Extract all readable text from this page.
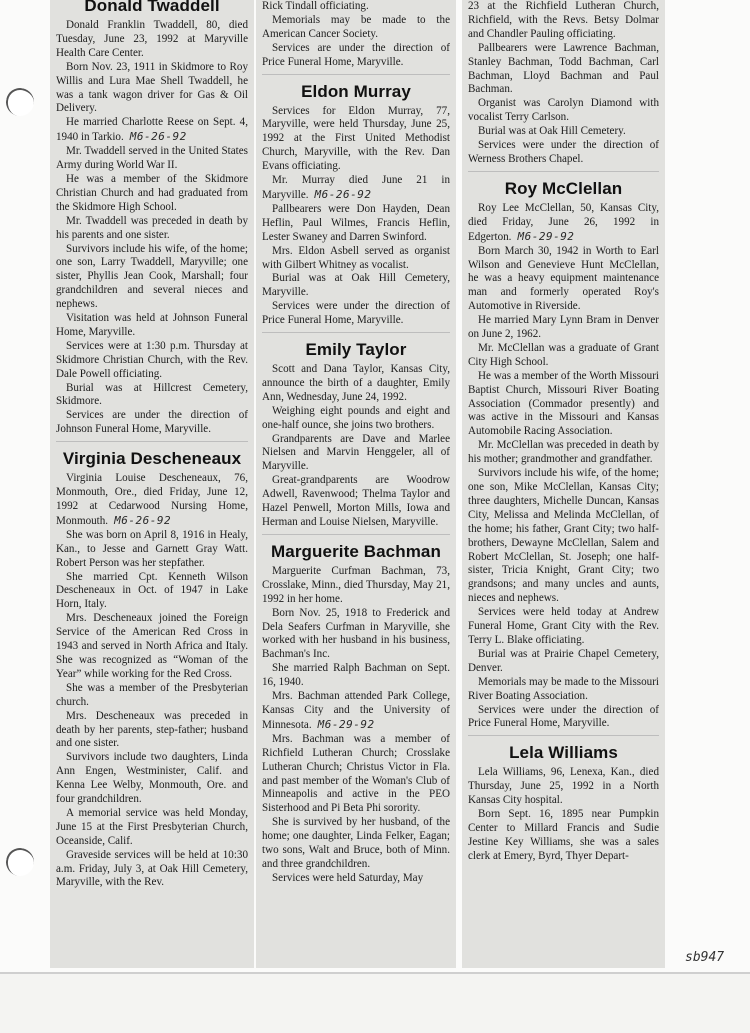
Donald Twaddell

Donald Franklin Twaddell, 80, died Tuesday, June 23, 1992 at Maryville Health Care Center.

Born Nov. 23, 1911 in Skidmore to Roy Willis and Lura Mae Shell Twaddell, he was a tank wagon driver for Gas & Oil Delivery.

He married Charlotte Reese on Sept. 4, 1940 in Tarkio. M6-26-92

Mr. Twaddell served in the United States Army during World War II.

He was a member of the Skidmore Christian Church and had graduated from the Skidmore High School.

Mr. Twaddell was preceded in death by his parents and one sister.

Survivors include his wife, of the home; one son, Larry Twaddell, Maryville; one sister, Phyllis Jean Cook, Marshall; four grandchildren and several nieces and nephews.

Visitation was held at Johnson Funeral Home, Maryville.

Services were at 1:30 p.m. Thursday at Skidmore Christian Church, with the Rev. Dale Powell officiating.

Burial was at Hillcrest Cemetery, Skidmore.

Services are under the direction of Johnson Funeral Home, Maryville.

Virginia Descheneaux

Virginia Louise Descheneaux, 76, Monmouth, Ore., died Friday, June 12, 1992 at Cedarwood Nursing Home, Monmouth. M6-26-92

She was born on April 8, 1916 in Healy, Kan., to Jesse and Garnett Gray Watt. Robert Person was her stepfather.

She married Cpt. Kenneth Wilson Descheneaux in Oct. of 1947 in Lake Horn, Italy.

Mrs. Descheneaux joined the Foreign Service of the American Red Cross in 1943 and served in North Africa and Italy. She was recognized as “Woman of the Year” while working for the Red Cross.

She was a member of the Presbyterian church.

Mrs. Descheneaux was preceded in death by her parents, step-father; husband and one sister.

Survivors include two daughters, Linda Ann Engen, Westminister, Calif. and Kenna Lee Welby, Monmouth, Ore. and four grandchildren.

A memorial service was held Monday, June 15 at the First Presbyterian Church, Oceanside, Calif.

Graveside services will be held at 10:30 a.m. Friday, July 3, at Oak Hill Cemetery, Maryville, with the Rev.

Rick Tindall officiating.

Memorials may be made to the American Cancer Society.

Services are under the direction of Price Funeral Home, Maryville.

Eldon Murray

Services for Eldon Murray, 77, Maryville, were held Thursday, June 25, 1992 at the First United Methodist Church, Maryville, with the Rev. Dan Evans officiating.

Mr. Murray died June 21 in Maryville. M6-26-92

Pallbearers were Don Hayden, Dean Heflin, Paul Wilmes, Francis Heflin, Lester Swaney and Darren Swinford.

Mrs. Eldon Asbell served as organist with Gilbert Whitney as vocalist.

Burial was at Oak Hill Cemetery, Maryville.

Services were under the direction of Price Funeral Home, Maryville.

Emily Taylor

Scott and Dana Taylor, Kansas City, announce the birth of a daughter, Emily Ann, Wednesday, June 24, 1992.

Weighing eight pounds and eight and one-half ounce, she joins two brothers.

Grandparents are Dave and Marlee Nielsen and Marvin Henggeler, all of Maryville.

Great-grandparents are Woodrow Adwell, Ravenwood; Thelma Taylor and Hazel Penwell, Morton Mills, Iowa and Herman and Louise Nielsen, Maryville.

Marguerite Bachman

Marguerite Curfman Bachman, 73, Crosslake, Minn., died Thursday, May 21, 1992 in her home.

Born Nov. 25, 1918 to Frederick and Dela Seafers Curfman in Maryville, she worked with her husband in his business, Bachman's Inc.

She married Ralph Bachman on Sept. 16, 1940.

Mrs. Bachman attended Park College, Kansas City and the University of Minnesota. M6-29-92

Mrs. Bachman was a member of Richfield Lutheran Church; Crosslake Lutheran Church; Christus Victor in Fla. and past member of the Woman's Club of Minneapolis and active in the PEO Sisterhood and Pi Beta Phi sorority.

She is survived by her husband, of the home; one daughter, Linda Felker, Eagan; two sons, Walt and Bruce, both of Minn. and three grandchildren.

Services were held Saturday, May

23 at the Richfield Lutheran Church, Richfield, with the Revs. Betsy Dolmar and Chandler Pauling officiating.

Pallbearers were Lawrence Bachman, Stanley Bachman, Todd Bachman, Carl Bachman, Lloyd Bachman and Paul Bachman.

Organist was Carolyn Diamond with vocalist Terry Carlson.

Burial was at Oak Hill Cemetery.

Services were under the direction of Werness Brothers Chapel.

Roy McClellan

Roy Lee McClellan, 50, Kansas City, died Friday, June 26, 1992 in Edgerton. M6-29-92

Born March 30, 1942 in Worth to Earl Wilson and Genevieve Hunt McClellan, he was a heavy equipment maintenance man and formerly operated Roy's Automotive in Riverside.

He married Mary Lynn Bram in Denver on June 2, 1962.

Mr. McClellan was a graduate of Grant City High School.

He was a member of the Worth Missouri Baptist Church, Missouri River Boating Association (Commador presently) and was active in the Missouri and Kansas Automobile Racing Association.

Mr. McClellan was preceded in death by his mother; grandmother and grandfather.

Survivors include his wife, of the home; one son, Mike McClellan, Kansas City; three daughters, Michelle Duncan, Kansas City, Melissa and Melinda McClellan, of the home; his father, Grant City; two half-brothers, Dewayne McClellan, Salem and Robert McClellan, St. Joseph; one half-sister, Tricia Knight, Grant City; two grandsons; and many uncles and aunts, nieces and nephews.

Services were held today at Andrew Funeral Home, Grant City with the Rev. Terry L. Blake officiating.

Burial was at Prairie Chapel Cemetery, Denver.

Memorials may be made to the Missouri River Boating Association.

Services were under the direction of Price Funeral Home, Maryville.

Lela Williams

Lela Williams, 96, Lenexa, Kan., died Thursday, June 25, 1992 in a North Kansas City hospital.

Born Sept. 16, 1895 near Pumpkin Center to Millard Francis and Sudie Jestine Key Williams, she was a sales clerk at Emery, Byrd, Thyer Depart-

sb947
